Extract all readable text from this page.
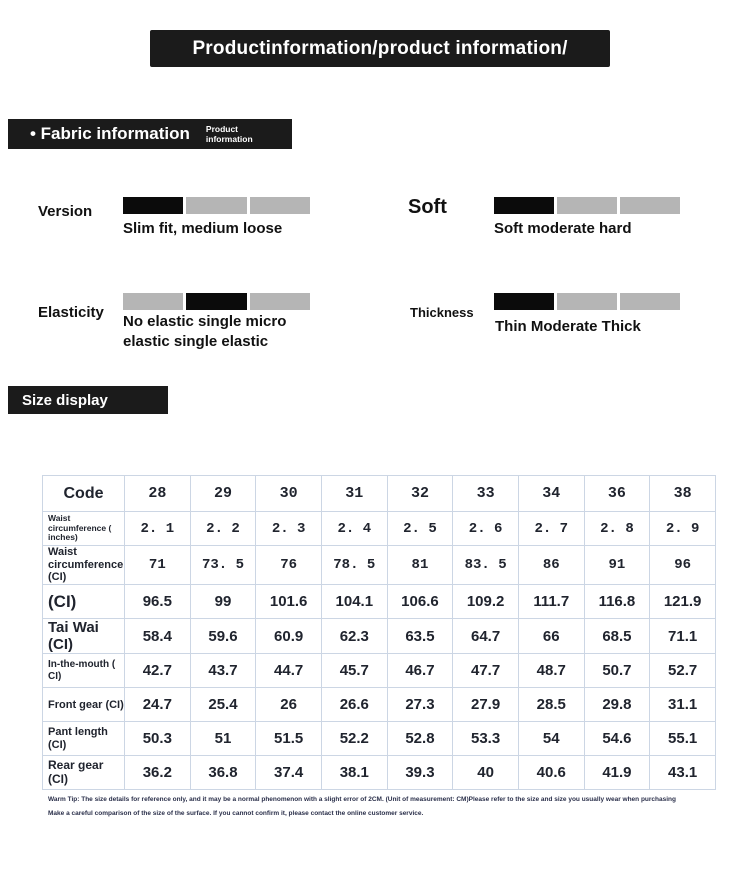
Productinformation/product information/
• Fabric information Product information
Version
Slim fit, medium loose
Soft
Soft moderate hard
Elasticity
No elastic single micro elastic single elastic
Thickness
Thin Moderate Thick
Size display
Code	28	29	30	31	32	33	34	36	38
Waist circumference ( inches)	2. 1	2. 2	2. 3	2. 4	2. 5	2. 6	2. 7	2. 8	2. 9
Waist circumference (CI)	71	73. 5	76	78. 5	81	83. 5	86	91	96
(CI)	96.5	99	101.6	104.1	106.6	109.2	111.7	116.8	121.9
Tai Wai (CI)	58.4	59.6	60.9	62.3	63.5	64.7	66	68.5	71.1
In-the-mouth ( CI)	42.7	43.7	44.7	45.7	46.7	47.7	48.7	50.7	52.7
Front gear (CI)	24.7	25.4	26	26.6	27.3	27.9	28.5	29.8	31.1
Pant length (CI)	50.3	51	51.5	52.2	52.8	53.3	54	54.6	55.1
Rear gear (CI)	36.2	36.8	37.4	38.1	39.3	40	40.6	41.9	43.1
Warm Tip: The size details for reference only, and it may be a normal phenomenon with a slight error of 2CM. (Unit of measurement: CM)Please refer to the size and size you usually wear when purchasing
Make a careful comparison of the size of the surface. If you cannot confirm it, please contact the online customer service.
